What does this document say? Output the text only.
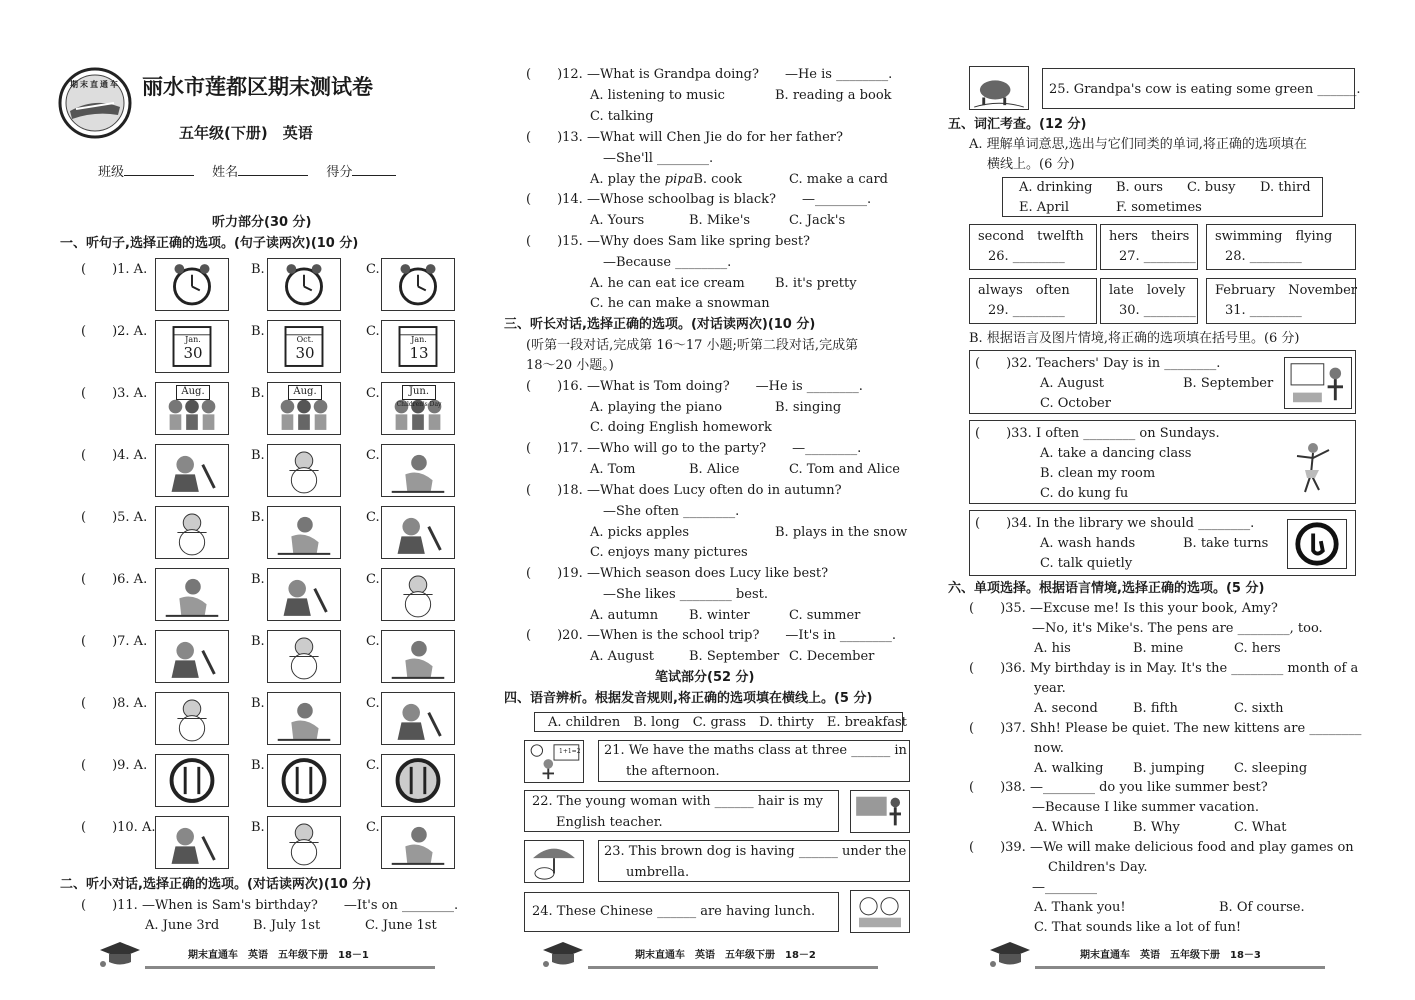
期末直通车 丽水市莲都区期末测试卷
五年级(下册)　英语
班级	姓名	得分
听力部分(30 分)
一、听句子,选择正确的选项。(句子读两次)(10 分)
(　　)1. A.	B.	C.
(　　)2. A.	B.	C.
Jan.
30
Oct.
30
Jan.
13
(　　)3. A.	B.	C.
Aug.	Aug.	Jun.
Children's Day
(　　)4. A.	B.	C.
(　　)5. A.	B.	C.
(　　)6. A.	B.	C.
(　　)7. A.	B.	C.
(　　)8. A.	B.	C.
(　　)9. A.	B.	C.
(　　)10. A.	B.	C.
二、听小对话,选择正确的选项。(对话读两次)(10 分)
(　　)11. —When is Sam's birthday?　　—It's on ________.
A. June 3rd	B. July 1st	C. June 1st
期末直通车　英语　五年级下册　18－1
(　　)12. —What is Grandpa doing?　　—He is ________.
A. listening to music	B. reading a book
C. talking
(　　)13. —What will Chen Jie do for her father?
—She'll ________.
A. play the pipaB. cook	C. make a card
(　　)14. —Whose schoolbag is black?　　—________.
A. Yours	B. Mike's	C. Jack's
(　　)15. —Why does Sam like spring best?
—Because ________.
A. he can eat ice cream B. it's pretty
C. he can make a snowman
三、听长对话,选择正确的选项。(对话读两次)(10 分)
(听第一段对话,完成第 16～17 小题;听第二段对话,完成第
18～20 小题。)
(　　)16. —What is Tom doing?　　—He is ________.
A. playing the piano	B. singing
C. doing English homework
(　　)17. —Who will go to the party?　　—________.
A. Tom	B. Alice	C. Tom and Alice
(　　)18. —What does Lucy often do in autumn?
—She often ________.
A. picks apples	B. plays in the snow
C. enjoys many pictures
(　　)19. —Which season does Lucy like best?
—She likes ________ best.
A. autumn B. winter	C. summer
(　　)20. —When is the school trip?　　—It's in ________.
A. August	B. September C. December
笔试部分(52 分)
四、语音辨析。根据发音规则,将正确的选项填在横线上。(5 分)
A. children　B. long　C. grass　D. thirty　E. breakfast
1+1=2 21. We have the maths class at three ______ in
the afternoon.
22. The young woman with ______ hair is my
English teacher.
23. This brown dog is having ______ under the
umbrella.
24. These Chinese ______ are having lunch.
期末直通车　英语　五年级下册　18－2
25. Grandpa's cow is eating some green ______.
五、词汇考查。(12 分)
A. 理解单词意思,选出与它们同类的单词,将正确的选项填在
横线上。(6 分)
A. drinking B. ours C. busy D. third
E. April	F. sometimes
second　twelfth
26. ________
hers　theirs
27. ________
swimming　flying
28. ________
always　often
29. ________
late　lovely
30. ________
February　November
31. ________
B. 根据语言及图片情境,将正确的选项填在括号里。(6 分)
(　　)32. Teachers' Day is in ________.
A. August	B. September
C. October
(　　)33. I often ________ on Sundays.
A. take a dancing class
B. clean my room
C. do kung fu
(　　)34. In the library we should ________.
A. wash hands	B. take turns
C. talk quietly
六、单项选择。根据语言情境,选择正确的选项。(5 分)
(　　)35. —Excuse me! Is this your book, Amy?
—No, it's Mike's. The pens are ________, too.
A. his	B. mine	C. hers
(　　)36. My birthday is in May. It's the ________ month of a
year.
A. second	B. fifth	C. sixth
(　　)37. Shh! Please be quiet. The new kittens are ________
now.
A. walking B. jumping C. sleeping
(　　)38. —________ do you like summer best?
—Because I like summer vacation.
A. Which	B. Why	C. What
(　　)39. —We will make delicious food and play games on
Children's Day.
—________
A. Thank you!	B. Of course.
C. That sounds like a lot of fun!
期末直通车　英语　五年级下册　18－3
